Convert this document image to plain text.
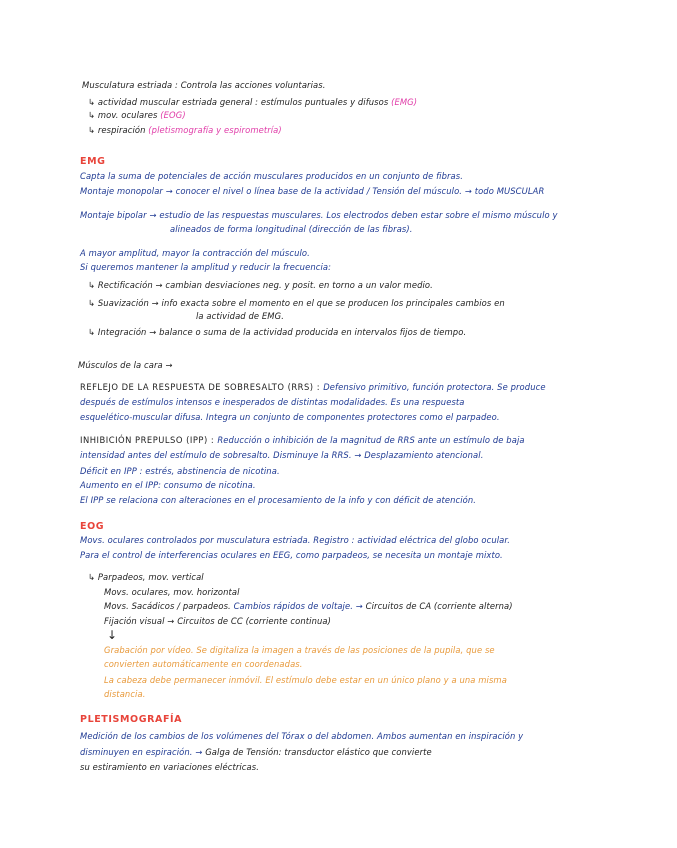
Musculatura estriada : Controla las acciones voluntarias.
↳ actividad muscular estriada general : estímulos puntuales y difusos (EMG)
↳ mov. oculares (EOG)
↳ respiración (pletismografía y espirometría)
EMG
Capta la suma de potenciales de acción musculares producidos en un conjunto de fibras.
Montaje monopolar → conocer el nivel o línea base de la actividad / Tensión del músculo. → todo MUSCULAR
Montaje bipolar → estudio de las respuestas musculares. Los electrodos deben estar sobre el mismo músculo y
alineados de forma longitudinal (dirección de las fibras).
A mayor amplitud, mayor la contracción del músculo.
Si queremos mantener la amplitud y reducir la frecuencia:
↳ Rectificación → cambian desviaciones neg. y posit. en torno a un valor medio.
↳ Suavización → info exacta sobre el momento en el que se producen los principales cambios en
la actividad de EMG.
↳ Integración → balance o suma de la actividad producida en intervalos fijos de tiempo.
Músculos de la cara →
REFLEJO DE LA RESPUESTA DE SOBRESALTO (RRS) : Defensivo primitivo, función protectora. Se produce
después de estímulos intensos e inesperados de distintas modalidades. Es una respuesta
esquelético-muscular difusa. Integra un conjunto de componentes protectores como el parpadeo.
INHIBICIÓN PREPULSO (IPP) : Reducción o inhibición de la magnitud de RRS ante un estímulo de baja
intensidad antes del estímulo de sobresalto. Disminuye la RRS. → Desplazamiento atencional.
Déficit en IPP : estrés, abstinencia de nicotina.
Aumento en el IPP: consumo de nicotina.
El IPP se relaciona con alteraciones en el procesamiento de la info y con déficit de atención.
EOG
Movs. oculares controlados por musculatura estriada. Registro : actividad eléctrica del globo ocular.
Para el control de interferencias oculares en EEG, como parpadeos, se necesita un montaje mixto.
↳ Parpadeos, mov. vertical
Movs. oculares, mov. horizontal
Movs. Sacádicos / parpadeos. Cambios rápidos de voltaje. → Circuitos de CA (corriente alterna)
Fijación visual → Circuitos de CC (corriente continua)
↓
Grabación por vídeo. Se digitaliza la imagen a través de las posiciones de la pupila, que se
convierten automáticamente en coordenadas.
La cabeza debe permanecer inmóvil. El estímulo debe estar en un único plano y a una misma
distancia.
PLETISMOGRAFÍA
Medición de los cambios de los volúmenes del Tórax o del abdomen. Ambos aumentan en inspiración y
disminuyen en espiración. → Galga de Tensión: transductor elástico que convierte
su estiramiento en variaciones eléctricas.
